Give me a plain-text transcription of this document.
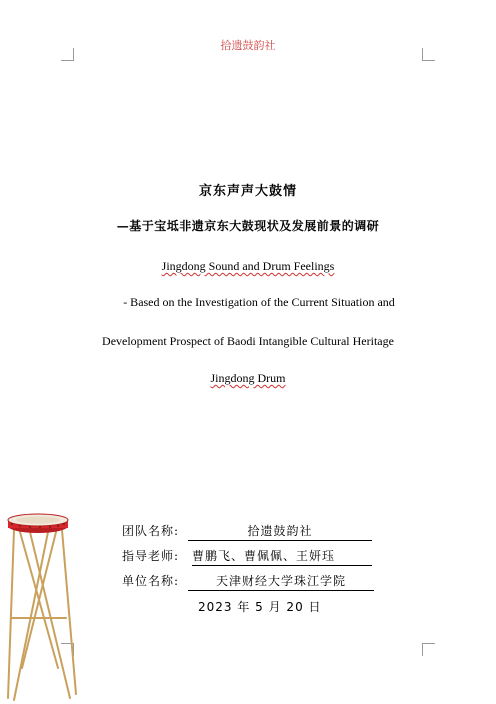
拾遗鼓韵社
京东声声大鼓情
—基于宝坻非遗京东大鼓现状及发展前景的调研
Jingdong Sound and Drum Feelings
- Based on the Investigation of the Current Situation and
Development Prospect of Baodi Intangible Cultural Heritage
Jingdong Drum
团队名称:	拾遗鼓韵社
指导老师: 曹鹏飞、曹佩佩、王妍珏
单位名称:	天津财经大学珠江学院
2023 年 5 月 20 日
